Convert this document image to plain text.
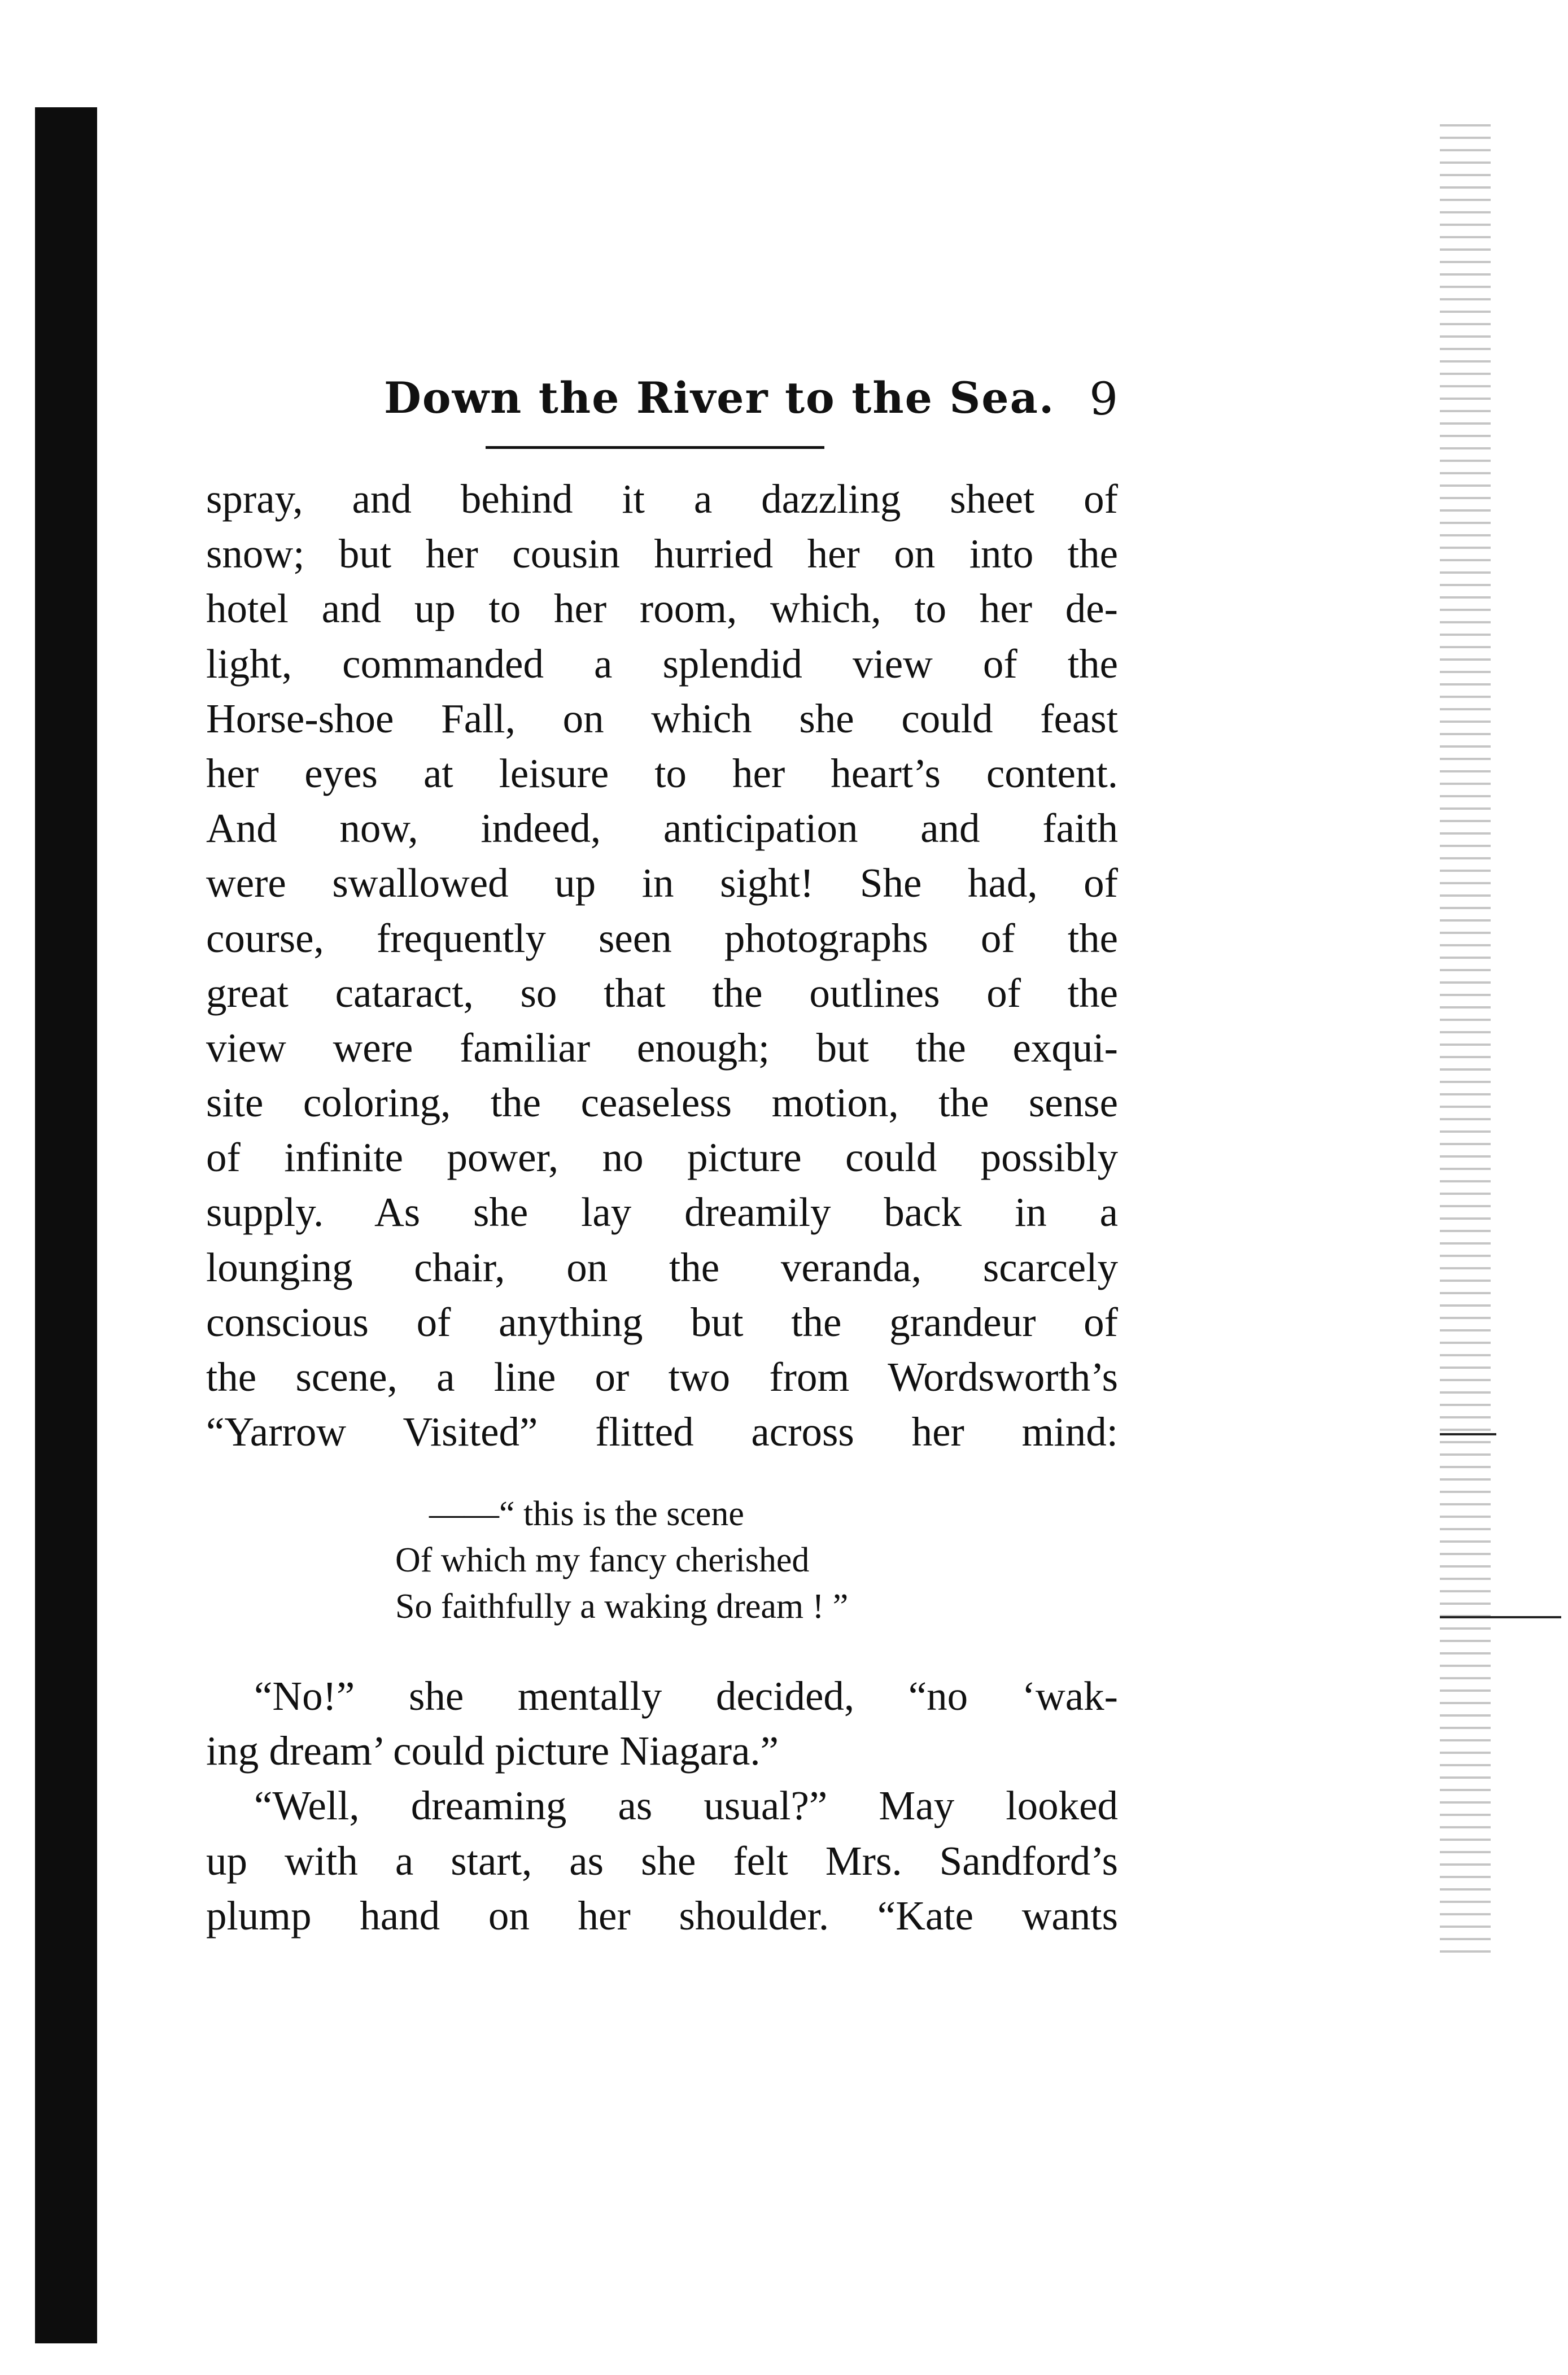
Down the River to the Sea. 9
spray, and behind it a dazzling sheet of
snow; but her cousin hurried her on into the
hotel and up to her room, which, to her de-
light, commanded a splendid view of the
Horse-shoe Fall, on which she could feast
her eyes at leisure to her heart’s content.
And now, indeed, anticipation and faith
were swallowed up in sight! She had, of
course, frequently seen photographs of the
great cataract, so that the outlines of the
view were familiar enough; but the exqui-
site coloring, the ceaseless motion, the sense
of infinite power, no picture could possibly
supply. As she lay dreamily back in a
lounging chair, on the veranda, scarcely
conscious of anything but the grandeur of
the scene, a line or two from Wordsworth’s
“Yarrow Visited” flitted across her mind:
——“ this is the scene
Of which my fancy cherished
So faithfully a waking dream ! ”
“No!” she mentally decided, “no ‘wak-
ing dream’ could picture Niagara.”
“Well, dreaming as usual?” May looked
up with a start, as she felt Mrs. Sandford’s
plump hand on her shoulder. “Kate wants
